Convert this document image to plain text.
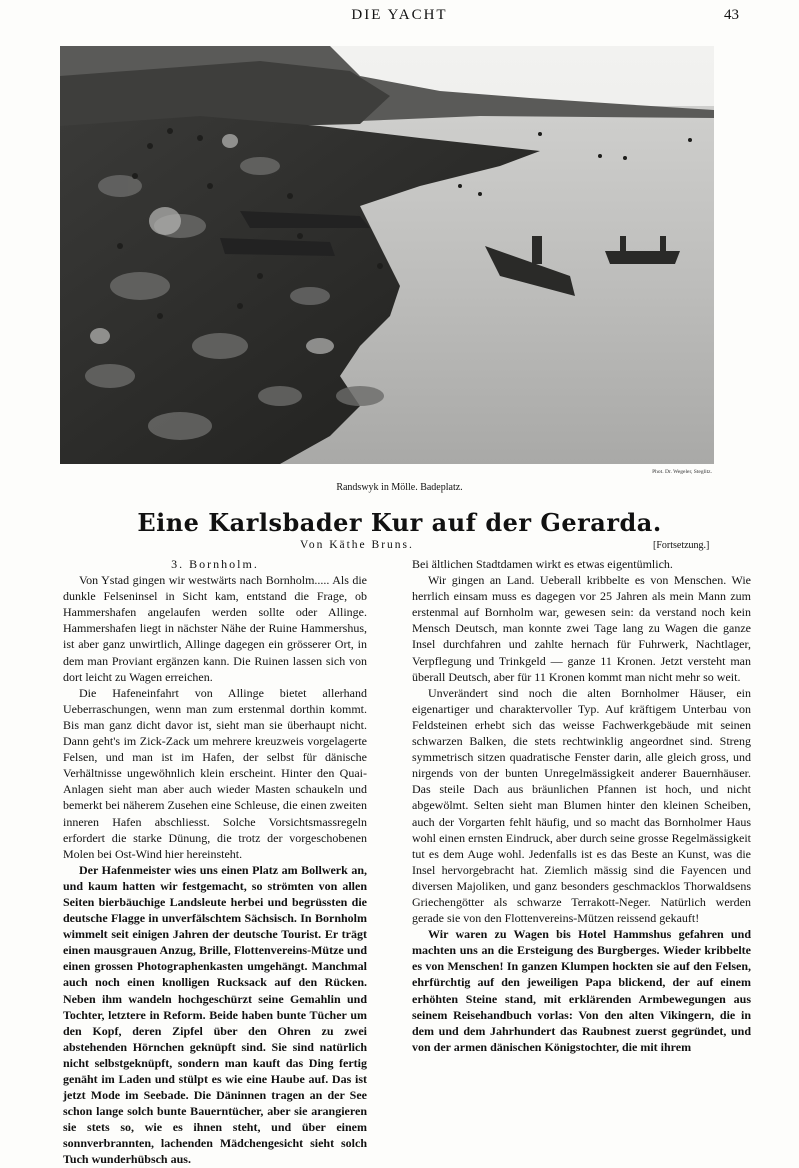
DIE YACHT	43
Phot. Dr. Wegeler, Steglitz.
Randswyk in Mölle. Badeplatz.
Eine Karlsbader Kur auf der Gerarda.
Von Käthe Bruns.	[Fortsetzung.]

3. Bornholm.

Von Ystad gingen wir westwärts nach Bornholm..... Als die dunkle Felseninsel in Sicht kam, entstand die Frage, ob Hammershafen angelaufen werden sollte oder Allinge. Hammershafen liegt in nächster Nähe der Ruine Hammershus, ist aber ganz unwirtlich, Allinge dagegen ein grösserer Ort, in dem man Proviant ergänzen kann. Die Ruinen lassen sich von dort leicht zu Wagen erreichen.

Die Hafeneinfahrt von Allinge bietet allerhand Ueberraschungen, wenn man zum erstenmal dorthin kommt. Bis man ganz dicht davor ist, sieht man sie überhaupt nicht. Dann geht's im Zick-Zack um mehrere kreuzweis vorgelagerte Felsen, und man ist im Hafen, der selbst für dänische Verhältnisse ungewöhnlich klein erscheint. Hinter den Quai-Anlagen sieht man aber auch wieder Masten schaukeln und bemerkt bei näherem Zusehen eine Schleuse, die einen zweiten inneren Hafen abschliesst. Solche Vorsichtsmassregeln erfordert die starke Dünung, die trotz der vorgeschobenen Molen bei Ost-Wind hier hereinsteht.

Der Hafenmeister wies uns einen Platz am Bollwerk an, und kaum hatten wir festgemacht, so strömten von allen Seiten bierbäuchige Landsleute herbei und begrüssten die deutsche Flagge in unverfälschtem Sächsisch. In Bornholm wimmelt seit einigen Jahren der deutsche Tourist. Er trägt einen mausgrauen Anzug, Brille, Flottenvereins-Mütze und einen grossen Photographenkasten umgehängt. Manchmal auch noch einen knolligen Rucksack auf den Rücken. Neben ihm wandeln hochgeschürzt seine Gemahlin und Tochter, letztere in Reform. Beide haben bunte Tücher um den Kopf, deren Zipfel über den Ohren zu zwei abstehenden Hörnchen geknüpft sind. Sie sind natürlich nicht selbstgeknüpft, sondern man kauft das Ding fertig genäht im Laden und stülpt es wie eine Haube auf. Das ist jetzt Mode im Seebade. Die Däninnen tragen an der See schon lange solch bunte Bauerntücher, aber sie arangieren sie stets so, wie es ihnen steht, und über einem sonnverbrannten, lachenden Mädchengesicht sieht solch Tuch wunderhübsch aus.

Bei ältlichen Stadtdamen wirkt es etwas eigentümlich.

Wir gingen an Land. Ueberall kribbelte es von Menschen. Wie herrlich einsam muss es dagegen vor 25 Jahren als mein Mann zum erstenmal auf Bornholm war, gewesen sein: da verstand noch kein Mensch Deutsch, man konnte zwei Tage lang zu Wagen die ganze Insel durchfahren und zahlte hernach für Fuhrwerk, Nachtlager, Verpflegung und Trinkgeld — ganze 11 Kronen. Jetzt versteht man überall Deutsch, aber für 11 Kronen kommt man nicht mehr so weit.

Unverändert sind noch die alten Bornholmer Häuser, ein eigenartiger und charaktervoller Typ. Auf kräftigem Unterbau von Feldsteinen erhebt sich das weisse Fachwerkgebäude mit seinen schwarzen Balken, die stets rechtwinklig angeordnet sind. Streng symmetrisch sitzen quadratische Fenster darin, alle gleich gross, und nirgends von der bunten Unregelmässigkeit anderer Bauernhäuser. Das steile Dach aus bräunlichen Pfannen ist hoch, und nicht abgewölmt. Selten sieht man Blumen hinter den kleinen Scheiben, auch der Vorgarten fehlt häufig, und so macht das Bornholmer Haus wohl einen ernsten Eindruck, aber durch seine grosse Regelmässigkeit tut es dem Auge wohl. Jedenfalls ist es das Beste an Kunst, was die Insel hervorgebracht hat. Ziemlich mässig sind die Fayencen und diversen Majoliken, und ganz besonders geschmacklos Thorwaldsens Griechengötter als schwarze Terrakott-Neger. Natürlich werden gerade sie von den Flottenvereins-Mützen reissend gekauft!

Wir waren zu Wagen bis Hotel Hammshus gefahren und machten uns an die Ersteigung des Burgberges. Wieder kribbelte es von Menschen! In ganzen Klumpen hockten sie auf den Felsen, ehrfürchtig auf den jeweiligen Papa blickend, der auf einem erhöhten Steine stand, mit erklärenden Armbewegungen aus seinem Reisehandbuch vorlas: Von den alten Vikingern, die in dem und dem Jahrhundert das Raubnest zuerst gegründet, und von der armen dänischen Königstochter, die mit ihrem
